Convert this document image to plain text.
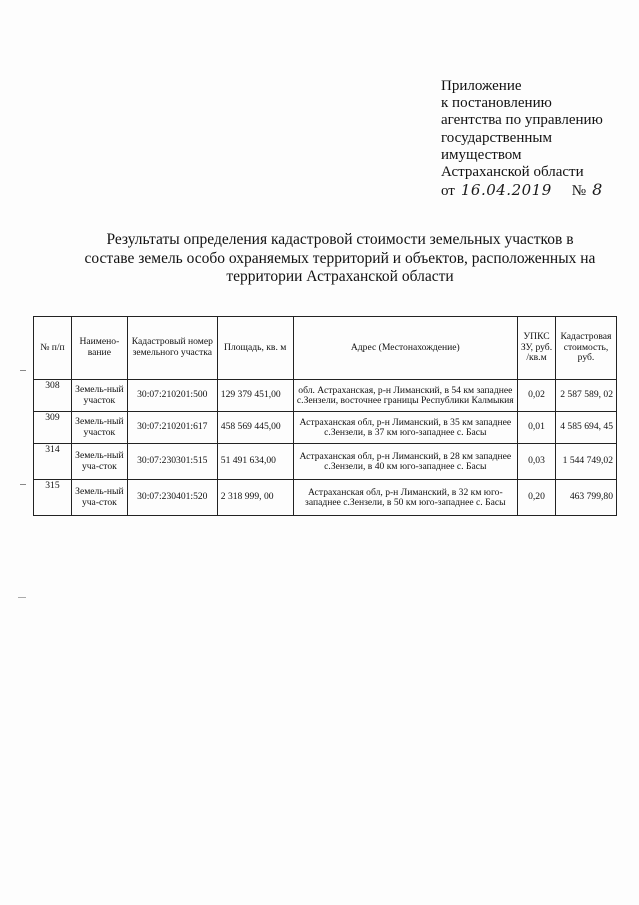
Приложение
к постановлению
агентства по управлению
государственным
имуществом
Астраханской области
от 16.04.2019 № 8
Результаты определения кадастровой стоимости земельных участков в
составе земель особо охраняемых территорий и объектов, расположенных на
территории Астраханской области
№ п/п	Наимено-вание	Кадастровый номер земельного участка	Площадь, кв. м	Адрес (Местонахождение)	УПКС ЗУ, руб. /кв.м	Кадастровая стоимость, руб.
308	Земель-ный участок	30:07:210201:500	129 379 451,00	обл. Астраханская, р-н Лиманский, в 54 км западнее с.Зензели, восточнее границы Республики Калмыкия	0,02	2 587 589, 02
309	Земель-ный участок	30:07:210201:617	458 569 445,00	Астраханская обл, р-н Лиманский, в 35 км западнее с.Зензели, в 37 км юго-западнее с. Басы	0,01	4 585 694, 45
314	Земель-ный уча-сток	30:07:230301:515	51 491 634,00	Астраханская обл, р-н Лиманский, в 28 км западнее с.Зензели, в 40 км юго-западнее с. Басы	0,03	1 544 749,02
315	Земель-ный уча-сток	30:07:230401:520	2 318 999, 00	Астраханская обл, р-н Лиманский, в 32 км юго-западнее с.Зензели, в 50 км юго-западнее с. Басы	0,20	463 799,80
